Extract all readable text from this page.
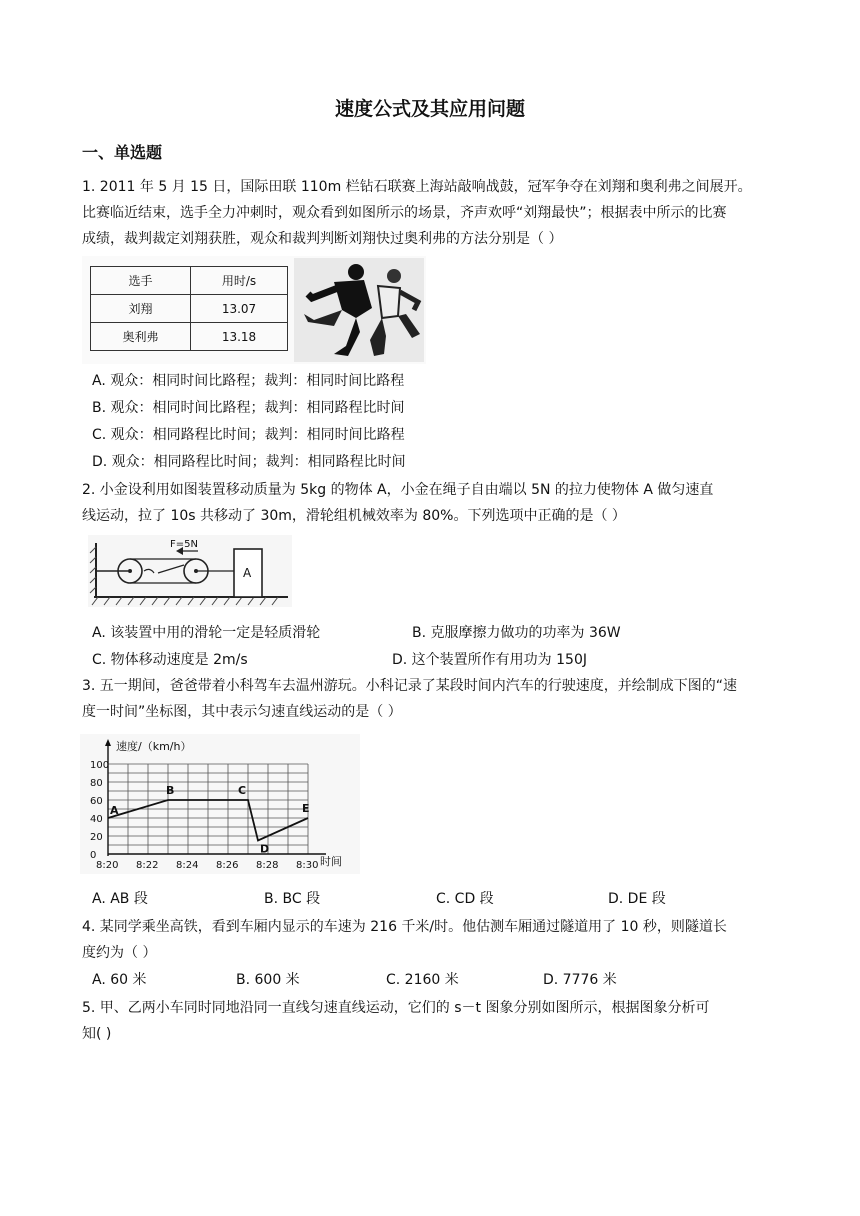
速度公式及其应用问题
一、单选题
1. 2011 年 5 月 15 日，国际田联 110m 栏钻石联赛上海站敲响战鼓，冠军争夺在刘翔和奥利弗之间展开。
比赛临近结束，选手全力冲刺时，观众看到如图所示的场景，齐声欢呼“刘翔最快”；根据表中所示的比赛
成绩，裁判裁定刘翔获胜，观众和裁判判断刘翔快过奥利弗的方法分别是（ ）
选手	用时/s
刘翔	13.07
奥利弗	13.18
A. 观众：相同时间比路程；裁判：相同时间比路程
B. 观众：相同时间比路程；裁判：相同路程比时间
C. 观众：相同路程比时间；裁判：相同时间比路程
D. 观众：相同路程比时间；裁判：相同路程比时间
2. 小金设利用如图装置移动质量为 5kg 的物体 A，小金在绳子自由端以 5N 的拉力使物体 A 做匀速直
线运动，拉了 10s 共移动了 30m，滑轮组机械效率为 80%。下列选项中正确的是（ ）
F=5N
A
A. 该装置中用的滑轮一定是轻质滑轮	B. 克服摩擦力做功的功率为 36W
C. 物体移动速度是 2m/s	D. 这个装置所作有用功为 150J
3. 五一期间，爸爸带着小科驾车去温州游玩。小科记录了某段时间内汽车的行驶速度，并绘制成下图的“速
度一时间”坐标图，其中表示匀速直线运动的是（ ）
0
20
40
60
80
100
8:20 8:22 8:24 8:26 8:28 8:30
A
B	C
D
E
速度/（km/h）
时间
A. AB 段	B. BC 段	C. CD 段	D. DE 段
4. 某同学乘坐高铁，看到车厢内显示的车速为 216 千米/时。他估测车厢通过隧道用了 10 秒，则隧道长
度约为（ ）
A. 60 米	B. 600 米	C. 2160 米	D. 7776 米
5. 甲、乙两小车同时同地沿同一直线匀速直线运动，它们的 s－t 图象分别如图所示，根据图象分析可
知( )
